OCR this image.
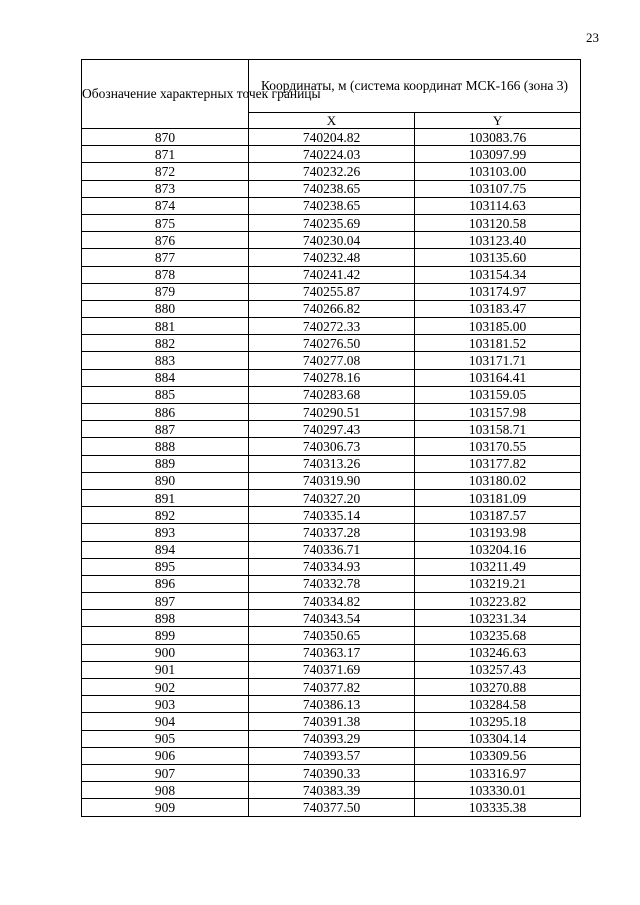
23
Обозначение характерных точек границы	Координаты, м (система координат МСК-166 (зона 3)	
	X	Y
870	740204.82	103083.76
871	740224.03	103097.99
872	740232.26	103103.00
873	740238.65	103107.75
874	740238.65	103114.63
875	740235.69	103120.58
876	740230.04	103123.40
877	740232.48	103135.60
878	740241.42	103154.34
879	740255.87	103174.97
880	740266.82	103183.47
881	740272.33	103185.00
882	740276.50	103181.52
883	740277.08	103171.71
884	740278.16	103164.41
885	740283.68	103159.05
886	740290.51	103157.98
887	740297.43	103158.71
888	740306.73	103170.55
889	740313.26	103177.82
890	740319.90	103180.02
891	740327.20	103181.09
892	740335.14	103187.57
893	740337.28	103193.98
894	740336.71	103204.16
895	740334.93	103211.49
896	740332.78	103219.21
897	740334.82	103223.82
898	740343.54	103231.34
899	740350.65	103235.68
900	740363.17	103246.63
901	740371.69	103257.43
902	740377.82	103270.88
903	740386.13	103284.58
904	740391.38	103295.18
905	740393.29	103304.14
906	740393.57	103309.56
907	740390.33	103316.97
908	740383.39	103330.01
909	740377.50	103335.38
